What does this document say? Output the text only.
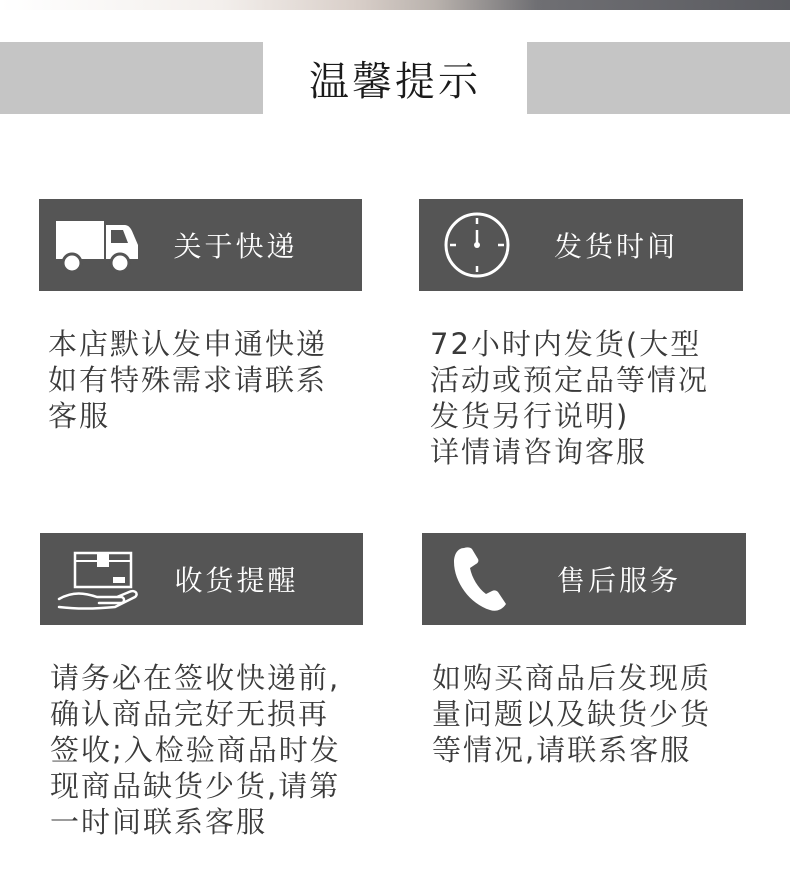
温馨提示
关于快递
本店默认发申通快递
如有特殊需求请联系
客服
发货时间
72小时内发货(大型
活动或预定品等情况
发货另行说明)
详情请咨询客服
收货提醒
请务必在签收快递前,
确认商品完好无损再
签收;入检验商品时发
现商品缺货少货,请第
一时间联系客服
售后服务
如购买商品后发现质
量问题以及缺货少货
等情况,请联系客服
